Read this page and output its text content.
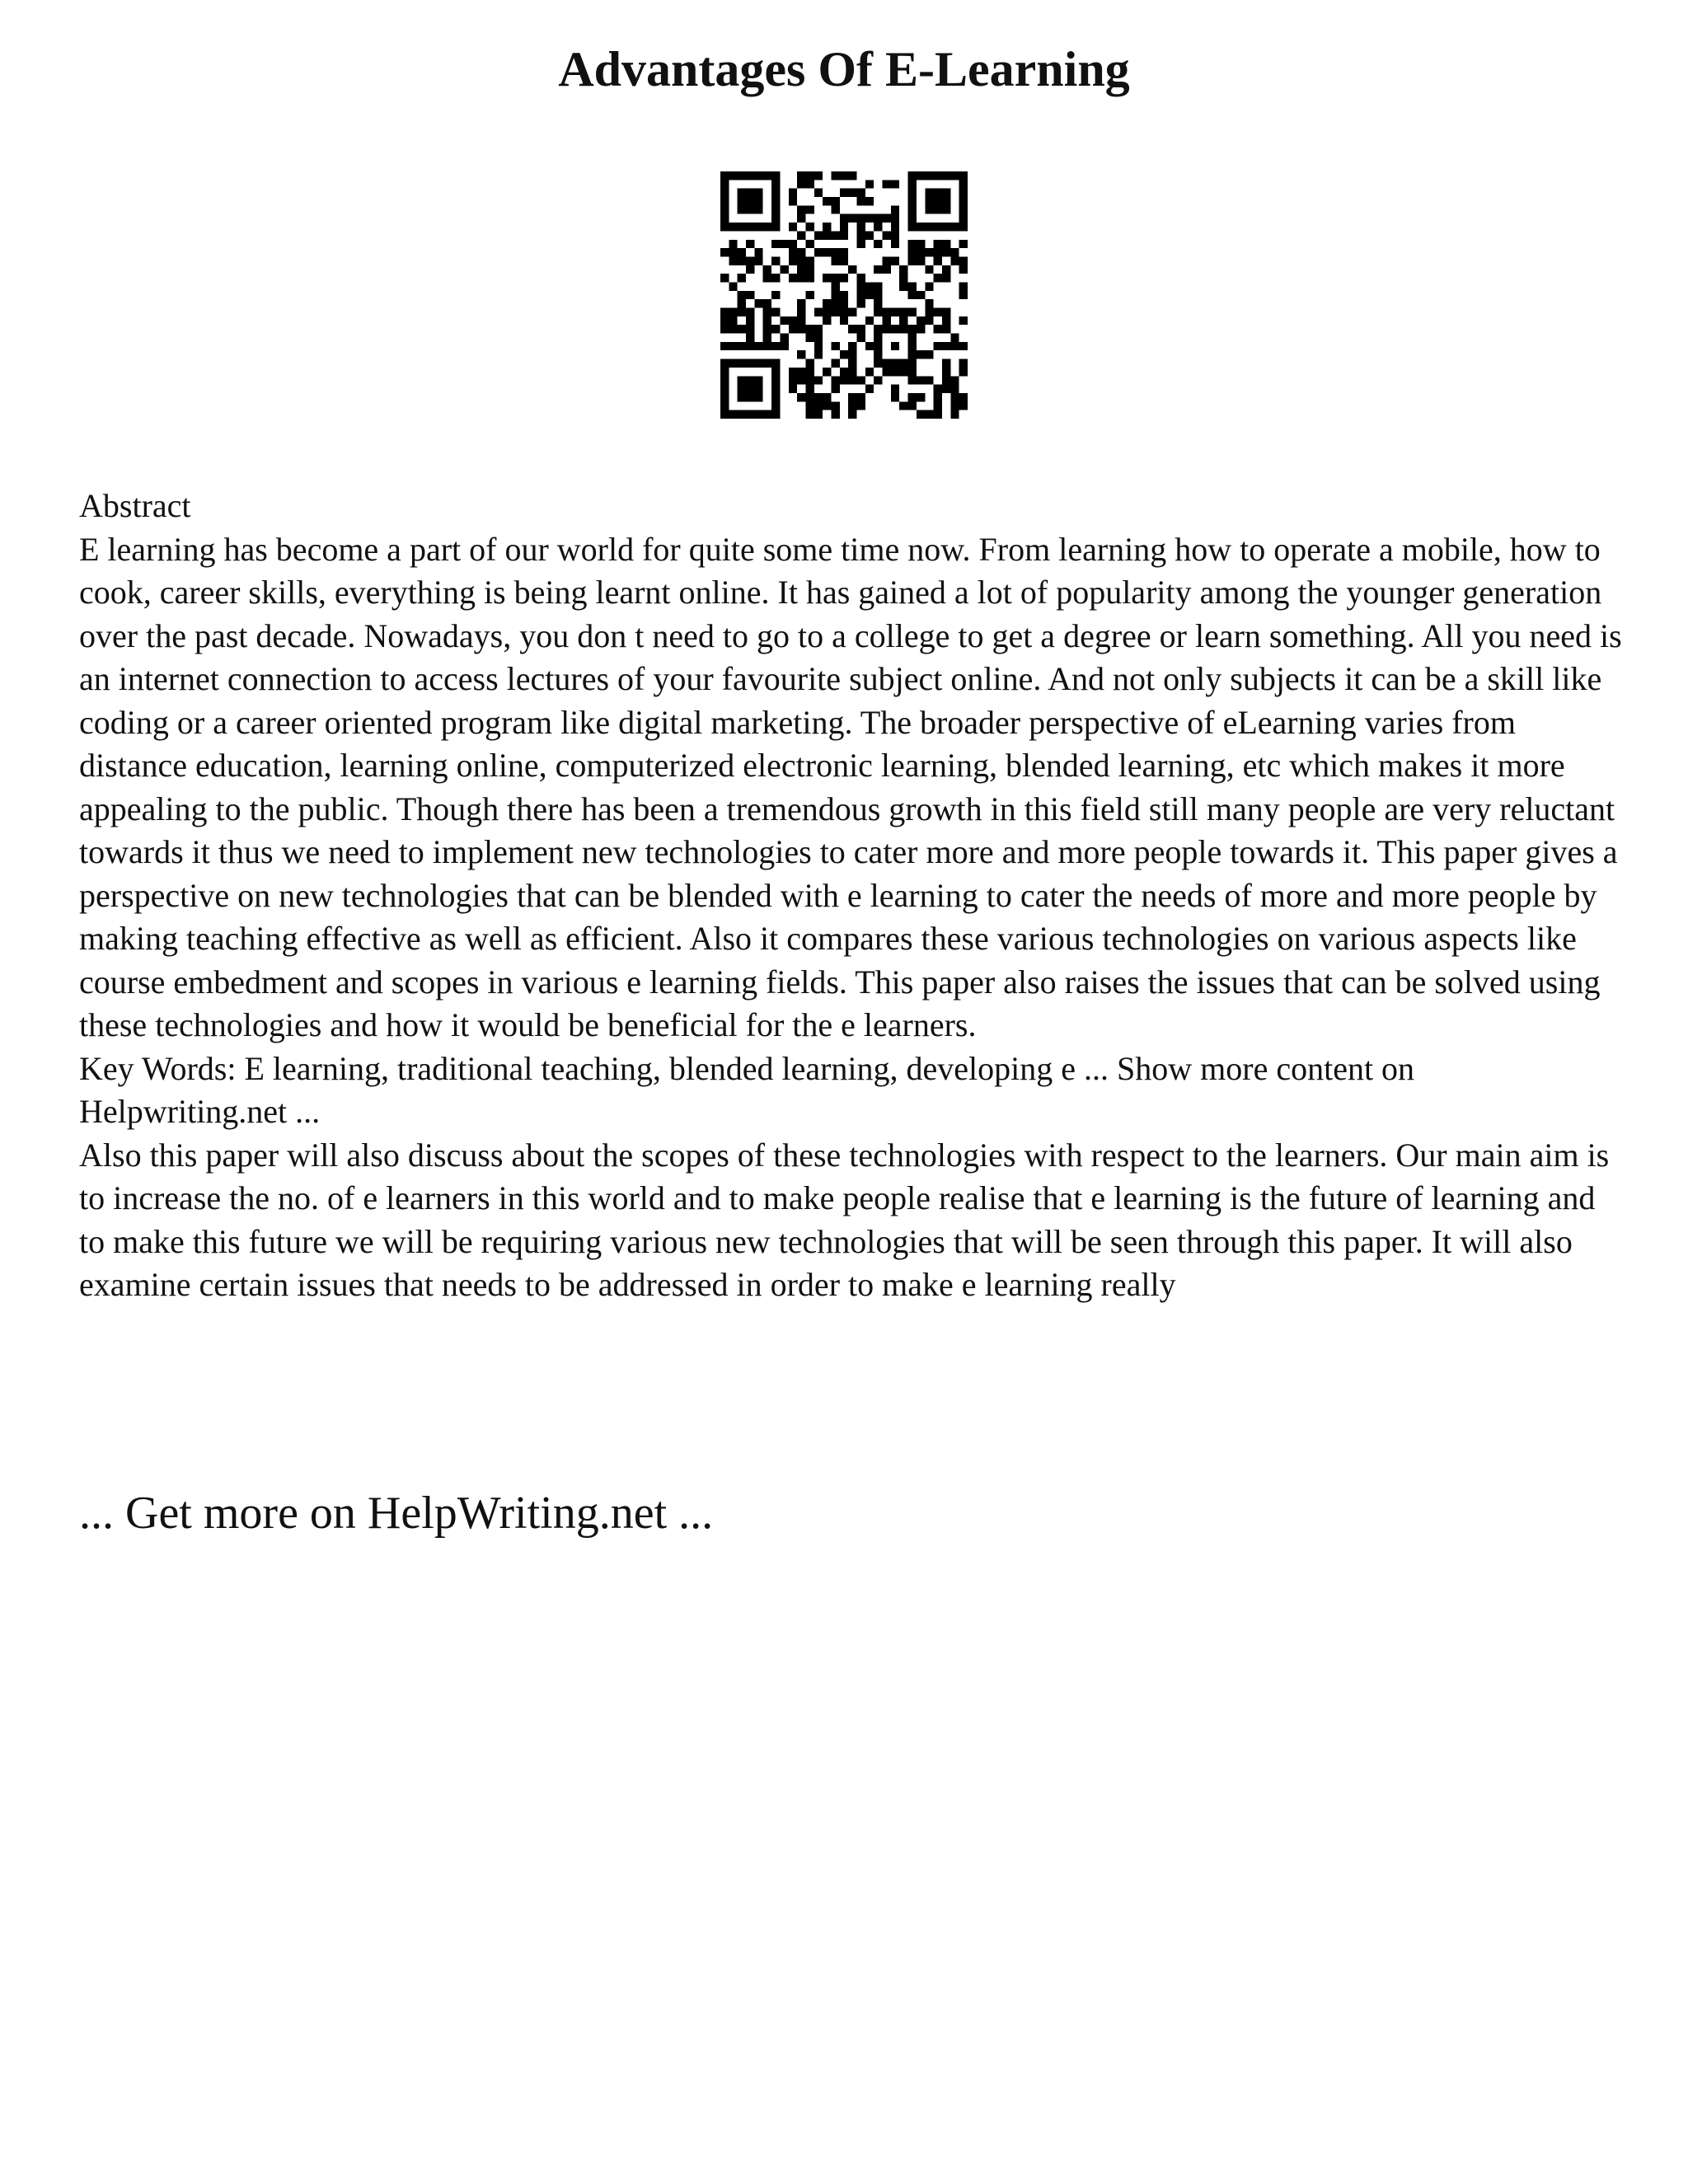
Advantages Of E-Learning

Abstract

E learning has become a part of our world for quite some time now. From learning how to operate a mobile, how to cook, career skills, everything is being learnt online. It has gained a lot of popularity among the younger generation over the past decade. Nowadays, you don t need to go to a college to get a degree or learn something. All you need is an internet connection to access lectures of your favourite subject online. And not only subjects it can be a skill like coding or a career oriented program like digital marketing. The broader perspective of eLearning varies from distance education, learning online, computerized electronic learning, blended learning, etc which makes it more appealing to the public. Though there has been a tremendous growth in this field still many people are very reluctant towards it thus we need to implement new technologies to cater more and more people towards it. This paper gives a perspective on new technologies that can be blended with e learning to cater the needs of more and more people by making teaching effective as well as efficient. Also it compares these various technologies on various aspects like course embedment and scopes in various e learning fields. This paper also raises the issues that can be solved using these technologies and how it would be beneficial for the e learners.

Key Words: E learning, traditional teaching, blended learning, developing e ... Show more content on Helpwriting.net ...

Also this paper will also discuss about the scopes of these technologies with respect to the learners. Our main aim is to increase the no. of e learners in this world and to make people realise that e learning is the future of learning and to make this future we will be requiring various new technologies that will be seen through this paper. It will also examine certain issues that needs to be addressed in order to make e learning really

... Get more on HelpWriting.net ...
